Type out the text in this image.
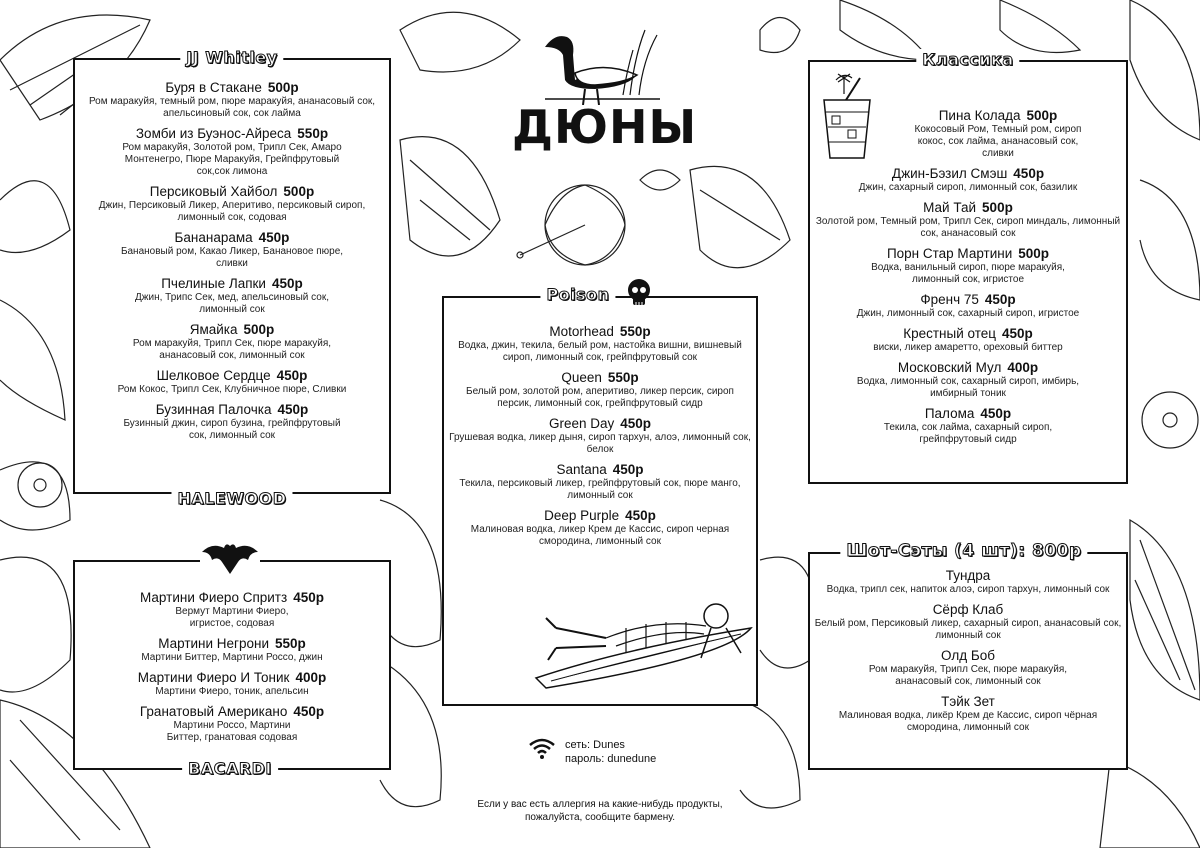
ДЮНЫ
Буря в Стакане 500р
Ром маракуйя, темный ром, пюре маракуйя, ананасовый сок, апельсиновый сок, сок лайма
Зомби из Буэнос-Айреса 550р
Ром маракуйя, Золотой ром, Трипл Сек, Амаро Монтенегро, Пюре Маракуйя, Грейпфрутовый сок,сок лимона
Персиковый Хайбол 500р
Джин, Персиковый Ликер, Аперитиво, персиковый сироп, лимонный сок, содовая
Бананарама 450р
Банановый ром, Какао Ликер, Банановое пюре, сливки
Пчелиные Лапки 450р
Джин, Трипс Сек, мед, апельсиновый сок, лимонный сок
Ямайка 500р
Ром маракуйя, Трипл Сек, пюре маракуйя, ананасовый сок, лимонный сок
Шелковое Сердце 450р
Ром Кокос, Трипл Сек, Клубничное пюре, Сливки
Бузинная Палочка 450р
Бузинный джин, сироп бузина, грейпфрутовый сок, лимонный сок
JJ Whitley
HALEWOOD
Мартини Фиеро Спритз 450р
Вермут Мартини Фиеро, игристое, содовая
Мартини Негрони 550р
Мартини Биттер, Мартини Россо, джин
Мартини Фиеро И Тоник 400р
Мартини Фиеро, тоник, апельсин
Гранатовый Американо 450р
Мартини Россо, Мартини Биттер, гранатовая содовая
BACARDI
Motorhead 550р
Водка, джин, текила, белый ром, настойка вишни, вишневый сироп, лимонный сок, грейпфрутовый сок
Queen 550р
Белый ром, золотой ром, аперитиво, ликер персик, сироп персик, лимонный сок, грейпфрутовый сидр
Green Day 450р
Грушевая водка, ликер дыня, сироп тархун, алоэ, лимонный сок, белок
Santana 450р
Текила, персиковый ликер, грейпфрутовый сок, пюре манго, лимонный сок
Deep Purple 450р
Малиновая водка, ликер Крем де Кассис, сироп черная смородина, лимонный сок
Poison
Пина Колада 500р
Кокосовый Ром, Темный ром, сироп кокос, сок лайма, ананасовый сок, сливки
Джин-Бэзил Смэш 450р
Джин, сахарный сироп, лимонный сок, базилик
Май Тай 500р
Золотой ром, Темный ром, Трипл Сек, сироп миндаль, лимонный сок, ананасовый сок
Порн Стар Мартини 500р
Водка, ванильный сироп, пюре маракуйя, лимонный сок, игристое
Френч 75 450р
Джин, лимонный сок, сахарный сироп, игристое
Крестный отец 450р
виски, ликер амаретто, ореховый биттер
Московский Мул 400р
Водка, лимонный сок, сахарный сироп, имбирь, имбирный тоник
Палома 450р
Текила, сок лайма, сахарный сироп, грейпфрутовый сидр
Классика
Тундра
Водка, трипл сек, напиток алоэ, сироп тархун, лимонный сок
Сёрф Клаб
Белый ром, Персиковый ликер, сахарный сироп, ананасовый сок, лимонный сок
Олд Боб
Ром маракуйя, Трипл Сек, пюре маракуйя, ананасовый сок, лимонный сок
Тэйк Зет
Малиновая водка, ликёр Крем де Кассис, сироп чёрная смородина, лимонный сок
Шот-Сэты (4 шт): 800р
сеть: Dunes
пароль: dunedune
Если у вас есть аллергия на какие-нибудь продукты, пожалуйста, сообщите бармену.
